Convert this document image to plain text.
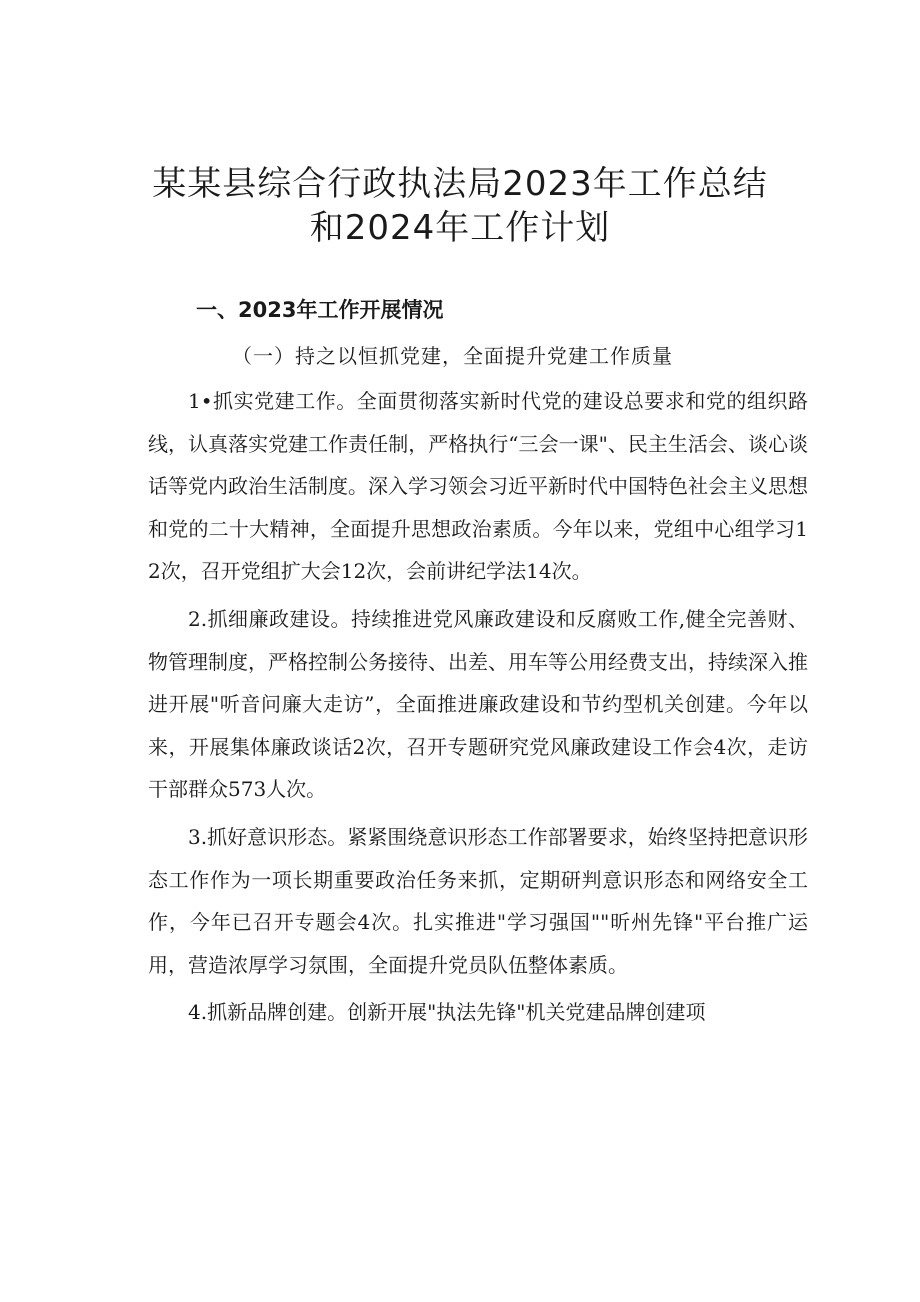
某某县综合行政执法局2023年工作总结
和2024年工作计划
一、2023年工作开展情况
（一）持之以恒抓党建，全面提升党建工作质量

1•抓实党建工作。全面贯彻落实新时代党的建设总要求和党的组织路线，认真落实党建工作责任制，严格执行“三会一课"、民主生活会、谈心谈话等党内政治生活制度。深入学习领会习近平新时代中国特色社会主义思想和党的二十大精神，全面提升思想政治素质。今年以来，党组中心组学习12次，召开党组扩大会12次，会前讲纪学法14次。

2.抓细廉政建设。持续推进党风廉政建设和反腐败工作,健全完善财、物管理制度，严格控制公务接待、出差、用车等公用经费支出，持续深入推进开展"听音问廉大走访”，全面推进廉政建设和节约型机关创建。今年以来，开展集体廉政谈话2次，召开专题研究党风廉政建设工作会4次，走访干部群众573人次。

3.抓好意识形态。紧紧围绕意识形态工作部署要求，始终坚持把意识形态工作作为一项长期重要政治任务来抓，定期研判意识形态和网络安全工作，今年已召开专题会4次。扎实推进"学习强国""昕州先锋"平台推广运用，营造浓厚学习氛围，全面提升党员队伍整体素质。

4.抓新品牌创建。创新开展"执法先锋"机关党建品牌创建项
